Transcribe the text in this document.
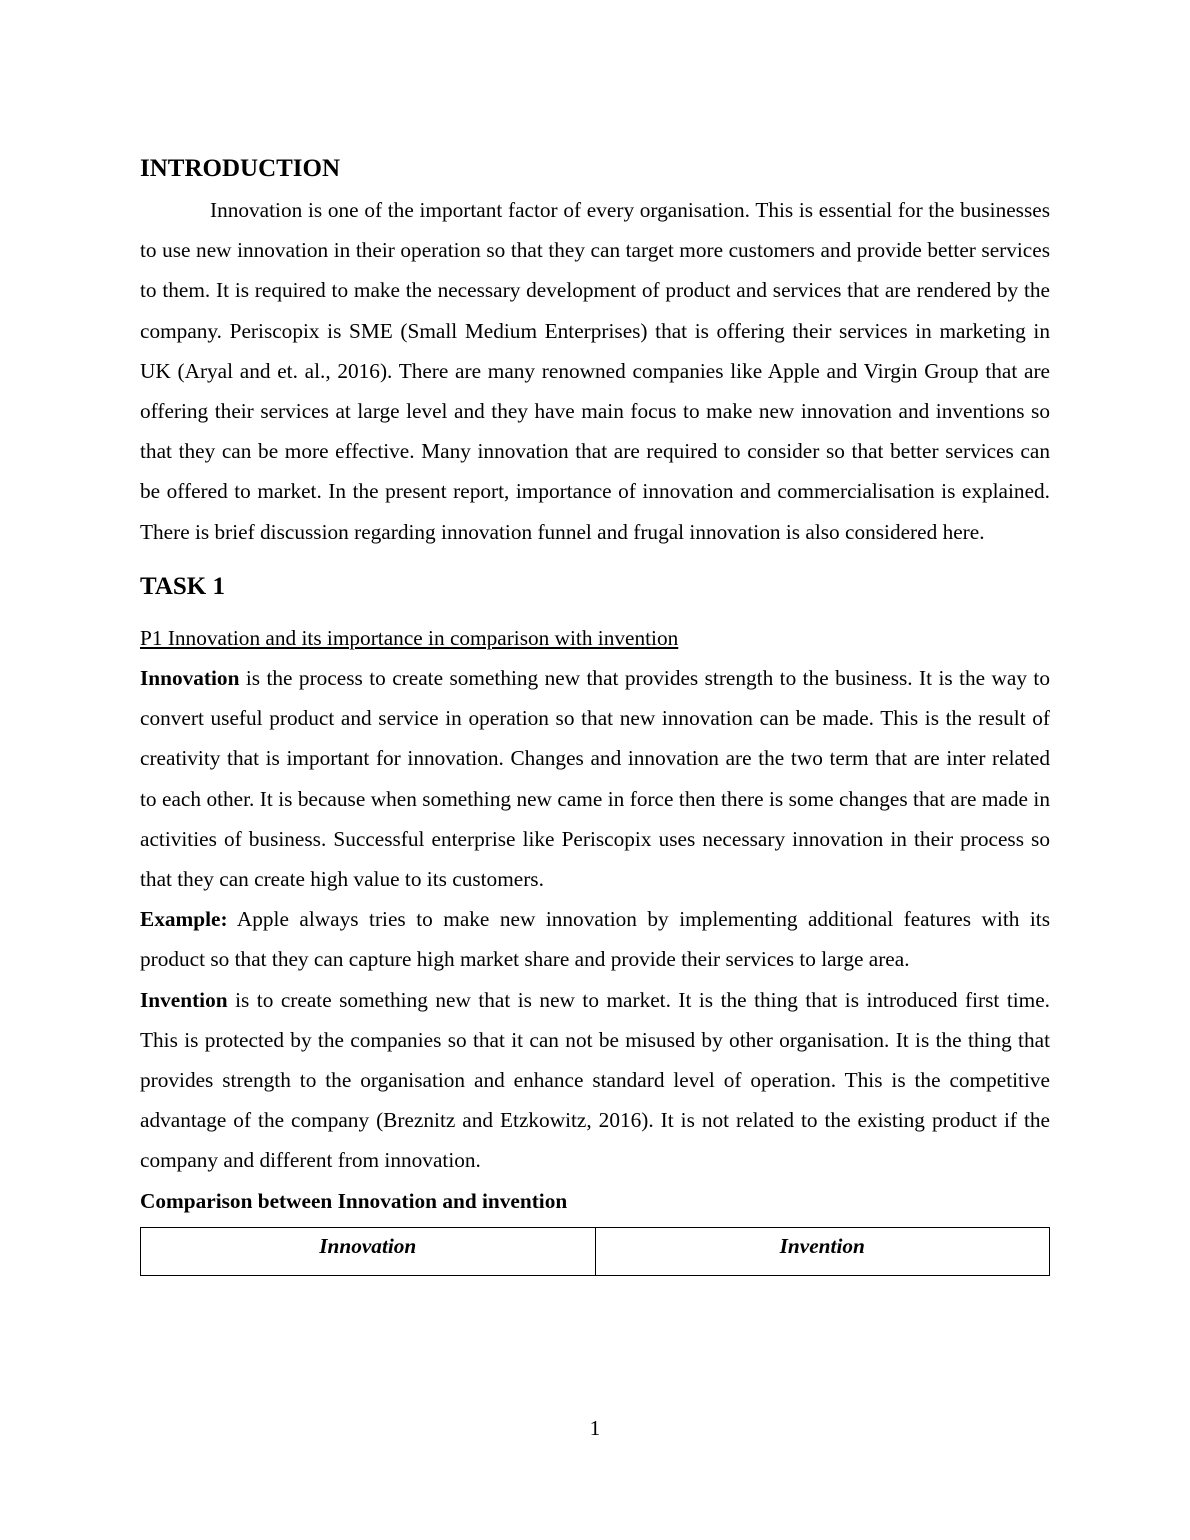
INTRODUCTION

Innovation is one of the important factor of every organisation. This is essential for the businesses to use new innovation in their operation so that they can target more customers and provide better services to them. It is required to make the necessary development of product and services that are rendered by the company. Periscopix is SME (Small Medium Enterprises) that is offering their services in marketing in UK (Aryal and et. al., 2016). There are many renowned companies like Apple and Virgin Group that are offering their services at large level and they have main focus to make new innovation and inventions so that they can be more effective. Many innovation that are required to consider so that better services can be offered to market. In the present report, importance of innovation and commercialisation is explained. There is brief discussion regarding innovation funnel and frugal innovation is also considered here.

TASK 1

P1 Innovation and its importance in comparison with invention

Innovation is the process to create something new that provides strength to the business. It is the way to convert useful product and service in operation so that new innovation can be made. This is the result of creativity that is important for innovation. Changes and innovation are the two term that are inter related to each other. It is because when something new came in force then there is some changes that are made in activities of business. Successful enterprise like Periscopix uses necessary innovation in their process so that they can create high value to its customers.

Example: Apple always tries to make new innovation by implementing additional features with its product so that they can capture high market share and provide their services to large area.

Invention is to create something new that is new to market. It is the thing that is introduced first time. This is protected by the companies so that it can not be misused by other organisation. It is the thing that provides strength to the organisation and enhance standard level of operation. This is the competitive advantage of the company (Breznitz and Etzkowitz, 2016). It is not related to the existing product if the company and different from innovation.

Comparison between Innovation and invention

Innovation	Invention
1
